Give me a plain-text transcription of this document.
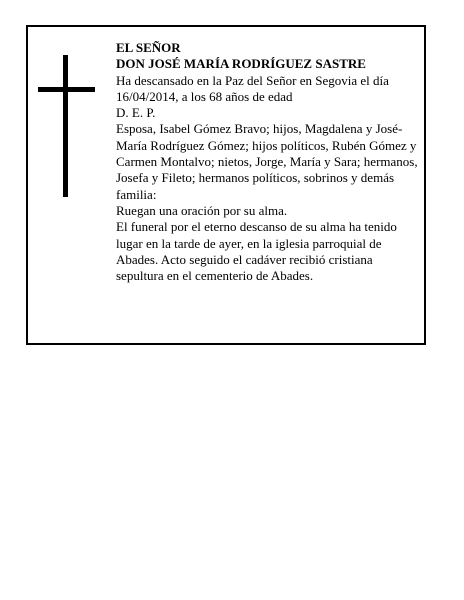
EL SEÑOR

DON JOSÉ MARÍA RODRÍGUEZ SASTRE

Ha descansado en la Paz del Señor en Segovia el día 16/04/2014, a los 68 años de edad

D. E. P.

Esposa, Isabel Gómez Bravo; hijos, Magdalena y José-María Rodríguez Gómez; hijos políticos, Rubén Gómez y Carmen Montalvo; nietos, Jorge, María y Sara; hermanos, Josefa y Fileto; hermanos políticos, sobrinos y demás familia:

Ruegan una oración por su alma.

El funeral por el eterno descanso de su alma ha tenido lugar en la tarde de ayer, en la iglesia parroquial de Abades. Acto seguido el cadáver recibió cristiana sepultura en el cementerio de Abades.
